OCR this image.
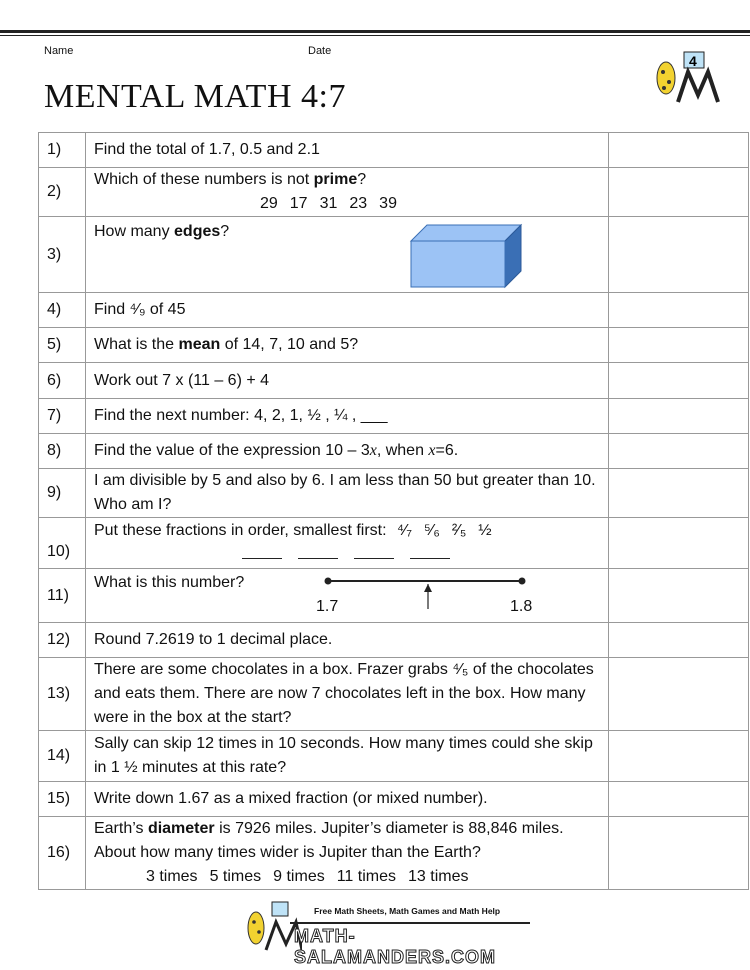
Name	Date
MENTAL MATH 4:7
4
1)	Find the total of 1.7, 0.5 and 2.1	
2)	Which of these numbers is not prime?
29 17 31 23 39	

3)	How many edges?

4)	Find ⁴⁄₉ of 45	
5)	What is the mean of 14, 7, 10 and 5?	
6)	Work out 7 x (11 – 6) + 4	
7)	Find the next number: 4, 2, 1, ½ , ¼ , ___	
8)	Find the value of the expression 10 – 3x, when x=6.	
9)	I am divisible by 5 and also by 6. I am less than 50 but greater than 10. Who am I?	
10)	Put these fractions in order, smallest first: ⁴⁄₇ ⁵⁄₆ ²⁄₅ ½	

11)	What is this number?
1.7 1.8	

12)	Round 7.2619 to 1 decimal place.	
13)	There are some chocolates in a box. Frazer grabs ⁴⁄₅ of the chocolates and eats them. There are now 7 chocolates left in the box. How many were in the box at the start?	
14)	Sally can skip 12 times in 10 seconds. How many times could she skip in 1 ½ minutes at this rate?	
15)	Write down 1.67 as a mixed fraction (or mixed number).	
16)	Earth’s diameter is 7926 miles. Jupiter’s diameter is 88,846 miles. About how many times wider is Jupiter than the Earth?
3 times 5 times 9 times 11 times 13 times	

Free Math Sheets, Math Games and Math Help
MATH-SALAMANDERS.COM
